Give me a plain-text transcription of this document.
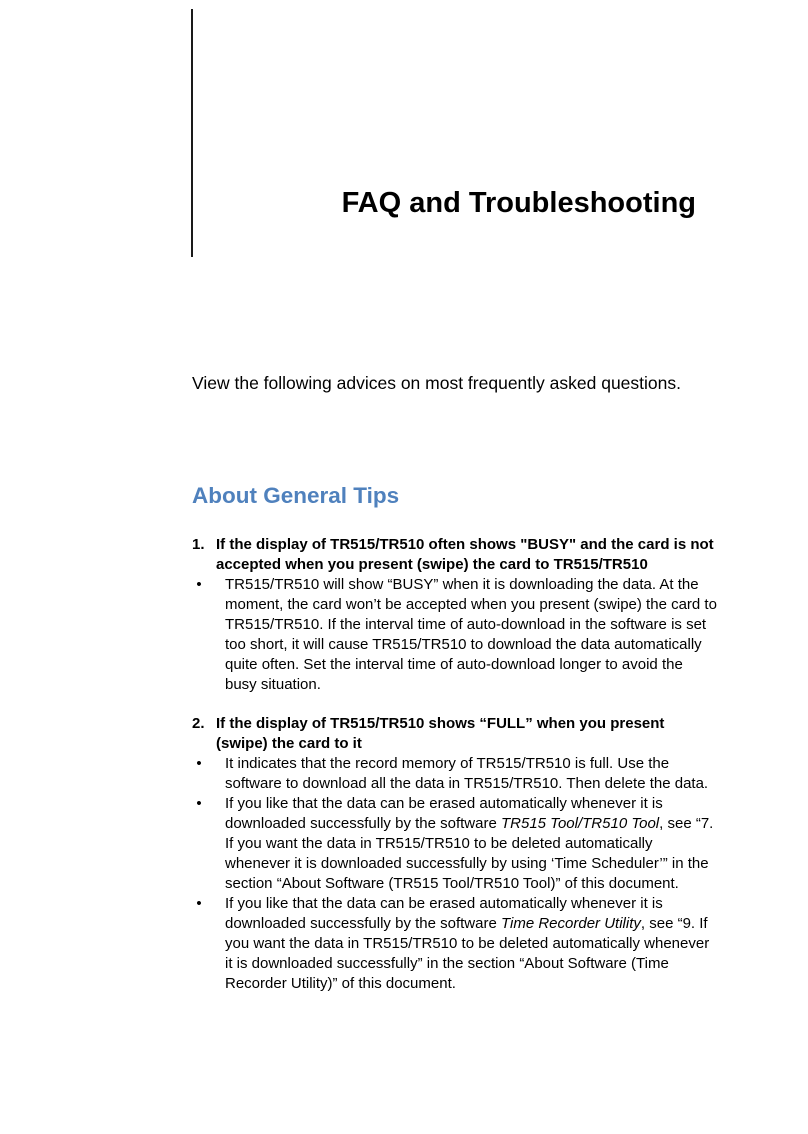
FAQ and Troubleshooting

View the following advices on most frequently asked questions.

About General Tips

1. If the display of TR515/TR510 often shows "BUSY" and the card is not accepted when you present (swipe) the card to TR515/TR510

• TR515/TR510 will show “BUSY” when it is downloading the data. At the moment, the card won’t be accepted when you present (swipe) the card to TR515/TR510. If the interval time of auto-download in the software is set too short, it will cause TR515/TR510 to download the data automatically quite often. Set the interval time of auto-download longer to avoid the busy situation.

2. If the display of TR515/TR510 shows “FULL” when you present (swipe) the card to it

• It indicates that the record memory of TR515/TR510 is full. Use the software to download all the data in TR515/TR510. Then delete the data.

• If you like that the data can be erased automatically whenever it is downloaded successfully by the software TR515 Tool/TR510 Tool, see “7. If you want the data in TR515/TR510 to be deleted automatically whenever it is downloaded successfully by using ‘Time Scheduler’” in the section “About Software (TR515 Tool/TR510 Tool)” of this document.

• If you like that the data can be erased automatically whenever it is downloaded successfully by the software Time Recorder Utility, see “9. If you want the data in TR515/TR510 to be deleted automatically whenever it is downloaded successfully” in the section “About Software (Time Recorder Utility)” of this document.
